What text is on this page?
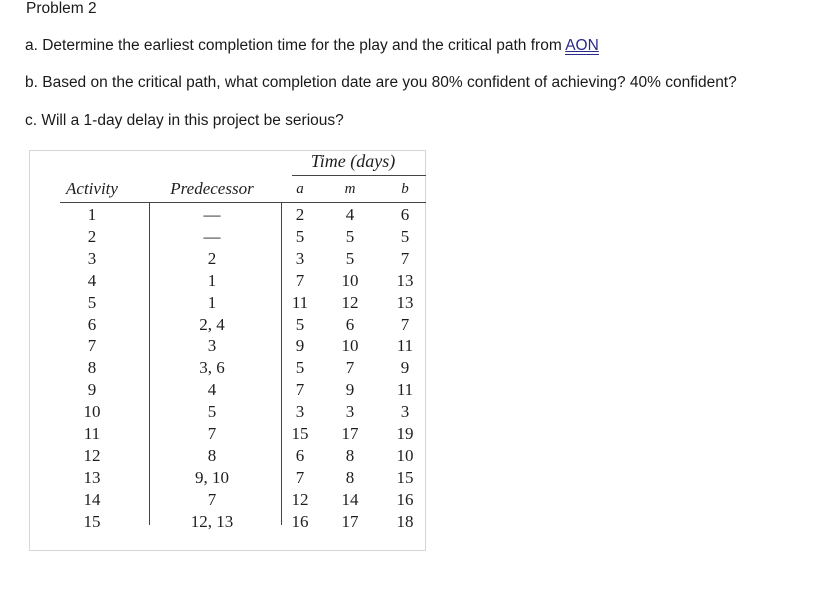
Problem 2
a. Determine the earliest completion time for the play and the critical path from AON
b. Based on the critical path, what completion date are you 80% confident of achieving? 40% confident?
c. Will a 1-day delay in this project be serious?
Time (days)
Activity	Predecessor	a	m	b
1	—	2	4	6
2	—	5	5	5
3	2	3	5	7
4	1	7	10	13
5	1	11	12	13
6	2, 4	5	6	7
7	3	9	10	11
8	3, 6	5	7	9
9	4	7	9	11
10	5	3	3	3
11	7	15	17	19
12	8	6	8	10
13	9, 10	7	8	15
14	7	12	14	16
15	12, 13	16	17	18
